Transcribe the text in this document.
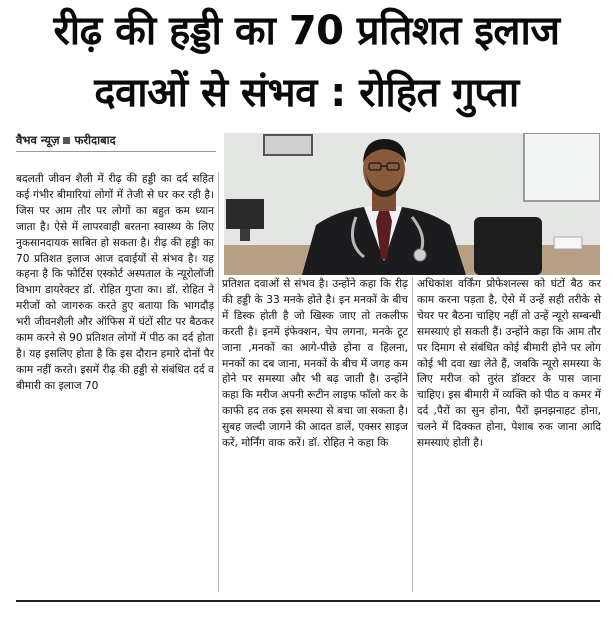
रीढ़ की हड्डी का 70 प्रतिशत इलाज
दवाओं से संभव : रोहित गुप्ता
वैभव न्यूज़ फरीदाबाद
बदलती जीवन शैली में रीढ़ की हड्डी का दर्द सहित कई गंभीर बीमारियां लोगों में तेजी से घर कर रही है। जिस पर आम तौर पर लोगों का बहुत कम ध्यान जाता है। ऐसे में लापरवाही बरतना स्वास्थ्य के लिए नुकसानदायक साबित हो सकता है। रीढ़ की हड्डी का 70 प्रतिशत इलाज आज दवाईयों से संभव है। यह कहना है कि फोर्टिस एस्कोर्ट अस्पताल के न्यूरोलॉजी विभाग डायरेक्टर डॉ. रोहित गुप्ता का। डॉ. रोहित ने मरीजों को जागरुक करते हुए बताया कि भागदौड़ भरी जीवनशैली और ऑफिस में घंटों सीट पर बैठकर काम करने से 90 प्रतिशत लोगों में पीठ का दर्द होता है। यह इसलिए होता है कि इस दौरान हमारे दोनों पैर काम नहीं करते। इसमें रीढ़ की हड्डी से संबंधित दर्द व बीमारी का इलाज 70
प्रतिशत दवाओं से संभव है। उन्होंने कहा कि रीढ़ की हड्डी के 33 मनके होते है। इन मनकों के बीच में डिस्क होती है जो खिस्क जाए तो तकलीफ करती है। इनमें इंफेक्शन, चेप लगना, मनके टूट जाना ,मनकों का आगे-पीछे होना व हिलना, मनकों का दब जाना, मनकों के बीच में जगह कम होने पर समस्या और भी बढ़ जाती है। उन्होंने कहा कि मरीज अपनी रूटीन लाइफ फॉलो कर के काफी हद तक इस समस्या से बचा जा सकता है। सुबह जल्दी जागने की आदत डालें, एक्सर साइज करें, मोर्निंग वाक करें। डॉ. रोहित ने कहा कि
अधिकांश वर्किंग प्रोफेशनल्स को घंटों बैठ कर काम करना पड़ता है, ऐसे में उन्हें सही तरीके से चेयर पर बैठना चाहिए नहीं तो उन्हें न्यूरो सम्बन्धी समस्याएं हो सकती हैं। उन्होंने कहा कि आम तौर पर दिमाग से संबंधित कोई बीमारी होने पर लोग कोई भी दवा खा लेते हैं, जबकि न्यूरो समस्या के लिए मरीज को तुरंत डॉक्टर के पास जाना चाहिए। इस बीमारी में व्यक्ति को पीठ व कमर में दर्द ,पैरों का सुन होना, पैरों झनझनाहट होना, चलने में दिक्कत होना, पेशाब रुक जाना आदि समस्याएं होती है।
